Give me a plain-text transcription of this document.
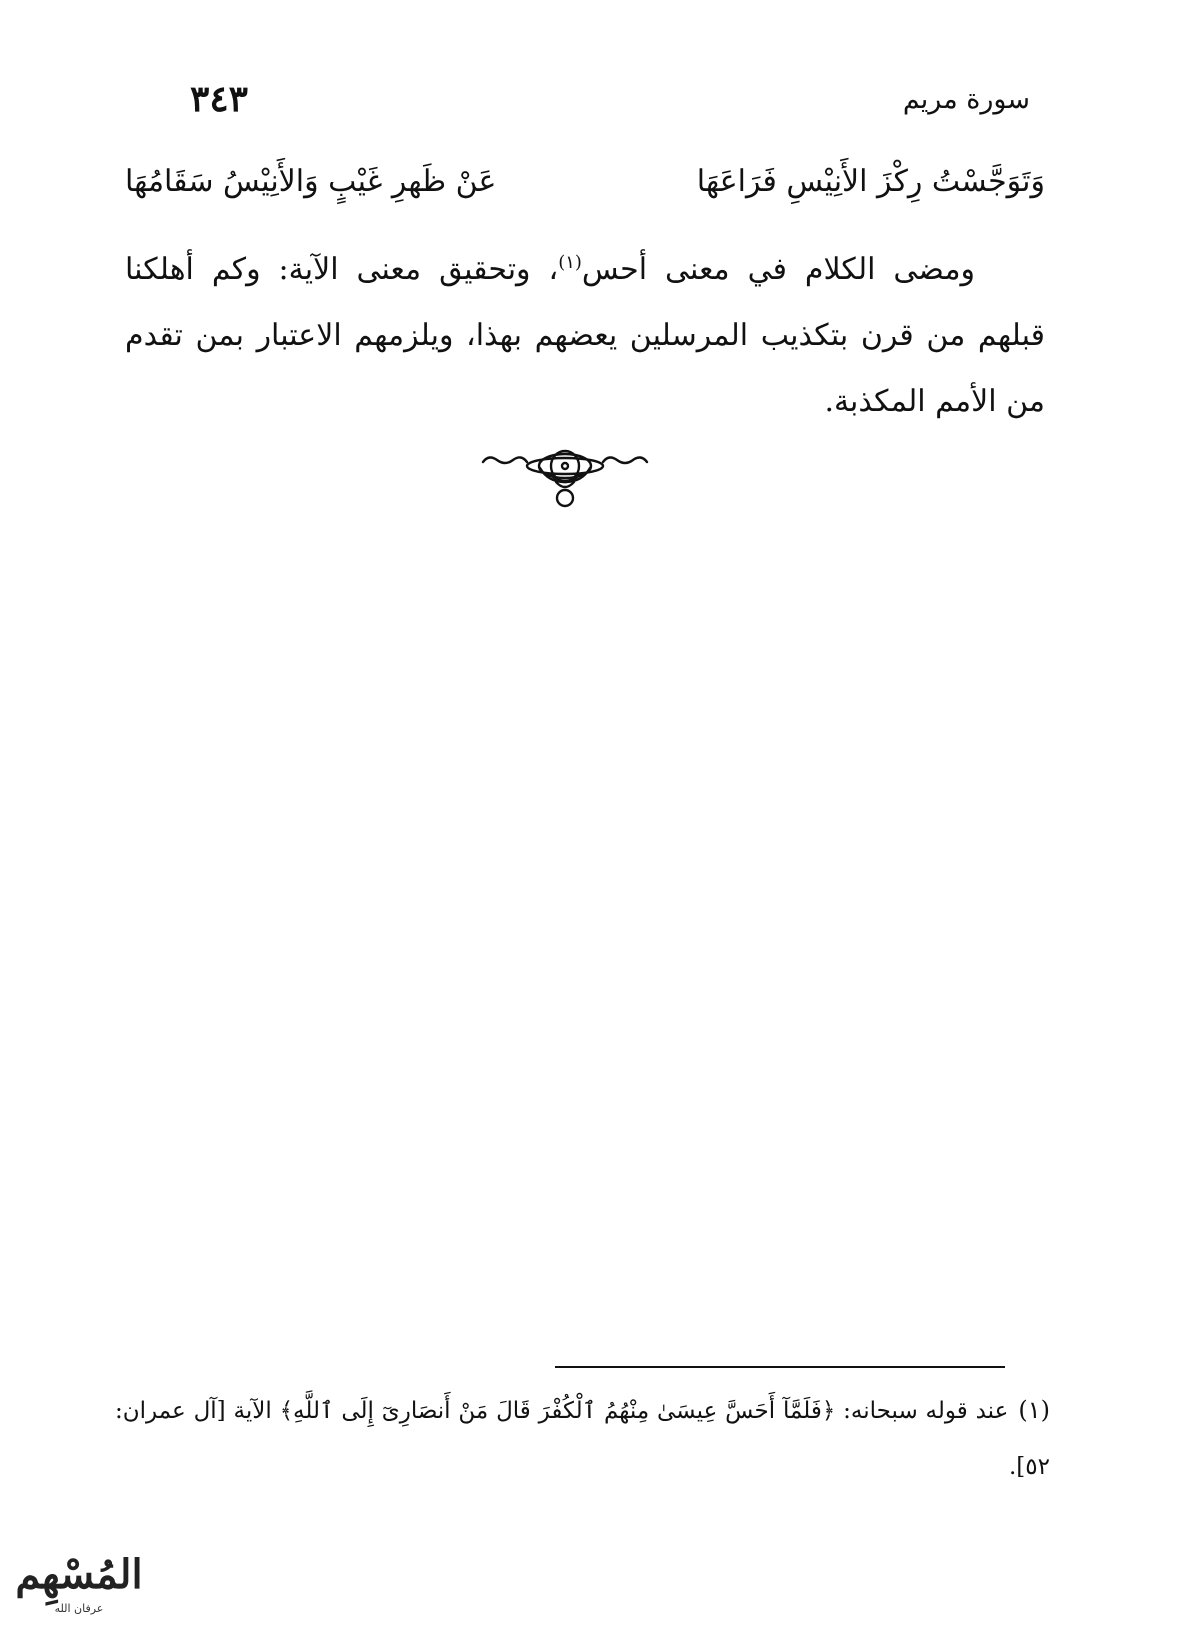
٣٤٣	سورة مريم
وَتَوَجَّسْتُ رِكْزَ الأَنِيْسِ فَرَاعَهَا
عَنْ ظَهرِ غَيْبٍ وَالأَنِيْسُ سَقَامُهَا

ومضى الكلام في معنى أحس$^{(١)}$، وتحقيق معنى الآية: وكم أهلكنا قبلهم من قرن بتكذيب المرسلين يعضهم بهذا، ويلزمهم الاعتبار بمن تقدم من الأمم المكذبة.

(١)عند قوله سبحانه: ﴿فَلَمَّآ أَحَسَّ عِيسَىٰ مِنْهُمُ ٱلْكُفْرَ قَالَ مَنْ أَنصَارِىٓ إِلَى ٱللَّهِ﴾ الآية [آل عمران: ٥٢].
المُسْهِم
عرفان الله
